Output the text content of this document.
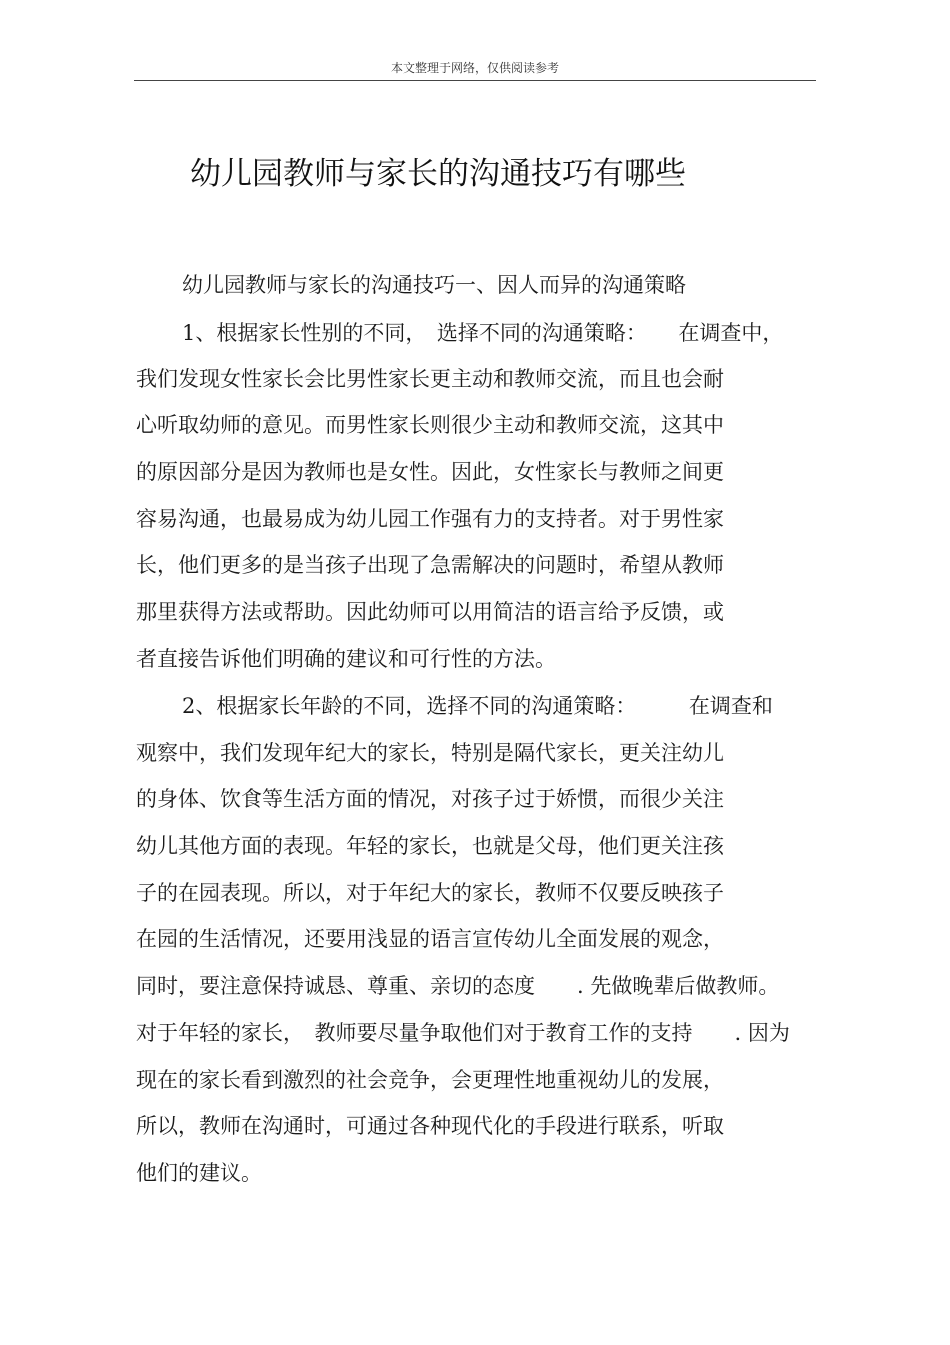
本文整理于网络，仅供阅读参考
幼儿园教师与家长的沟通技巧有哪些
幼儿园教师与家长的沟通技巧一、因人而异的沟通策略
1、根据家长性别的不同，　选择不同的沟通策略：　　在调查中，
我们发现女性家长会比男性家长更主动和教师交流，而且也会耐
心听取幼师的意见。而男性家长则很少主动和教师交流，这其中
的原因部分是因为教师也是女性。因此，女性家长与教师之间更
容易沟通，也最易成为幼儿园工作强有力的支持者。对于男性家
长，他们更多的是当孩子出现了急需解决的问题时，希望从教师
那里获得方法或帮助。因此幼师可以用简洁的语言给予反馈，或
者直接告诉他们明确的建议和可行性的方法。
2、根据家长年龄的不同，选择不同的沟通策略：　　　在调查和
观察中，我们发现年纪大的家长，特别是隔代家长，更关注幼儿
的身体、饮食等生活方面的情况，对孩子过于娇惯，而很少关注
幼儿其他方面的表现。年轻的家长，也就是父母，他们更关注孩
子的在园表现。所以，对于年纪大的家长，教师不仅要反映孩子
在园的生活情况，还要用浅显的语言宣传幼儿全面发展的观念，
同时，要注意保持诚恳、尊重、亲切的态度　　. 先做晚辈后做教师。
对于年轻的家长，　教师要尽量争取他们对于教育工作的支持　　. 因为
现在的家长看到激烈的社会竞争，会更理性地重视幼儿的发展，
所以，教师在沟通时，可通过各种现代化的手段进行联系，听取
他们的建议。
